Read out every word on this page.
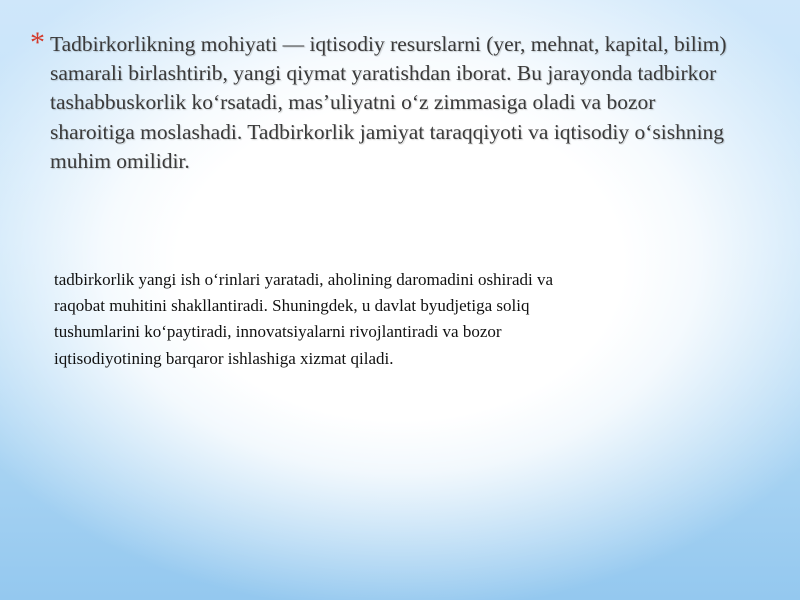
* Tadbirkorlikning mohiyati — iqtisodiy resurslarni (yer, mehnat, kapital, bilim) samarali birlashtirib, yangi qiymat yaratishdan iborat. Bu jarayonda tadbirkor tashabbuskorlik ko‘rsatadi, mas’uliyatni o‘z zimmasiga oladi va bozor sharoitiga moslashadi. Tadbirkorlik jamiyat taraqqiyoti va iqtisodiy o‘sishning muhim omilidir.

tadbirkorlik yangi ish o‘rinlari yaratadi, aholining daromadini oshiradi va raqobat muhitini shakllantiradi. Shuningdek, u davlat byudjetiga soliq tushumlarini ko‘paytiradi, innovatsiyalarni rivojlantiradi va bozor iqtisodiyotining barqaror ishlashiga xizmat qiladi.
